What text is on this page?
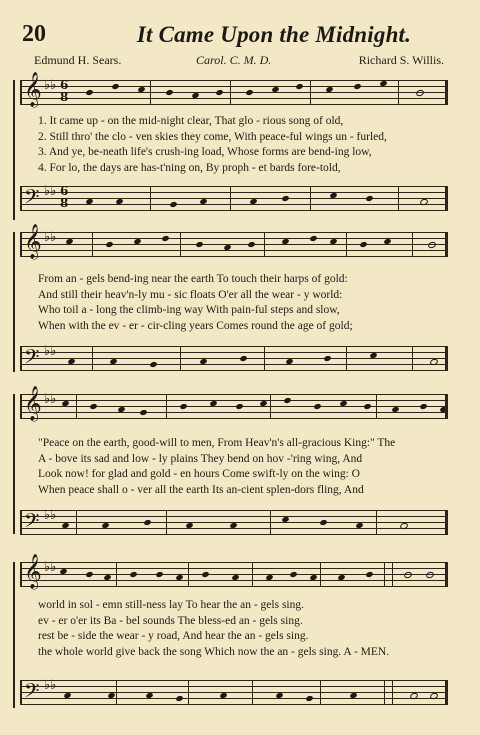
20	It Came Upon the Midnight.
Edmund H. Sears.	Carol. C. M. D.	Richard S. Willis.
𝄞 ♭♭ 6
8
1. It came up - on the mid-night clear, That glo - rious song of old,
2. Still thro' the clo - ven skies they come, With peace-ful wings un - furled,
3. And ye, be-neath life's crush-ing load, Whose forms are bend-ing low,
4. For lo, the days are has-t'ning on, By proph - et bards fore-told,
𝄢 ♭♭ 6
8
𝄞 ♭♭
From an - gels bend-ing near the earth To touch their harps of gold:
And still their heav'n-ly mu - sic floats O'er all the wear - y world:
Who toil a - long the climb-ing way With pain-ful steps and slow,
When with the ev - er - cir-cling years Comes round the age of gold;
𝄢 ♭♭
𝄞 ♭♭
"Peace on the earth, good-will to men, From Heav'n's all-gracious King:" The
A - bove its sad and low - ly plains They bend on hov -'ring wing, And
Look now! for glad and gold - en hours Come swift-ly on the wing: O
When peace shall o - ver all the earth Its an-cient splen-dors fling, And
𝄢 ♭♭
𝄞 ♭♭
world in sol - emn still-ness lay To hear the an - gels sing.
ev - er o'er its Ba - bel sounds The bless-ed an - gels sing.
rest be - side the wear - y road, And hear the an - gels sing.
the whole world give back the song Which now the an - gels sing. A - MEN.
𝄢 ♭♭
